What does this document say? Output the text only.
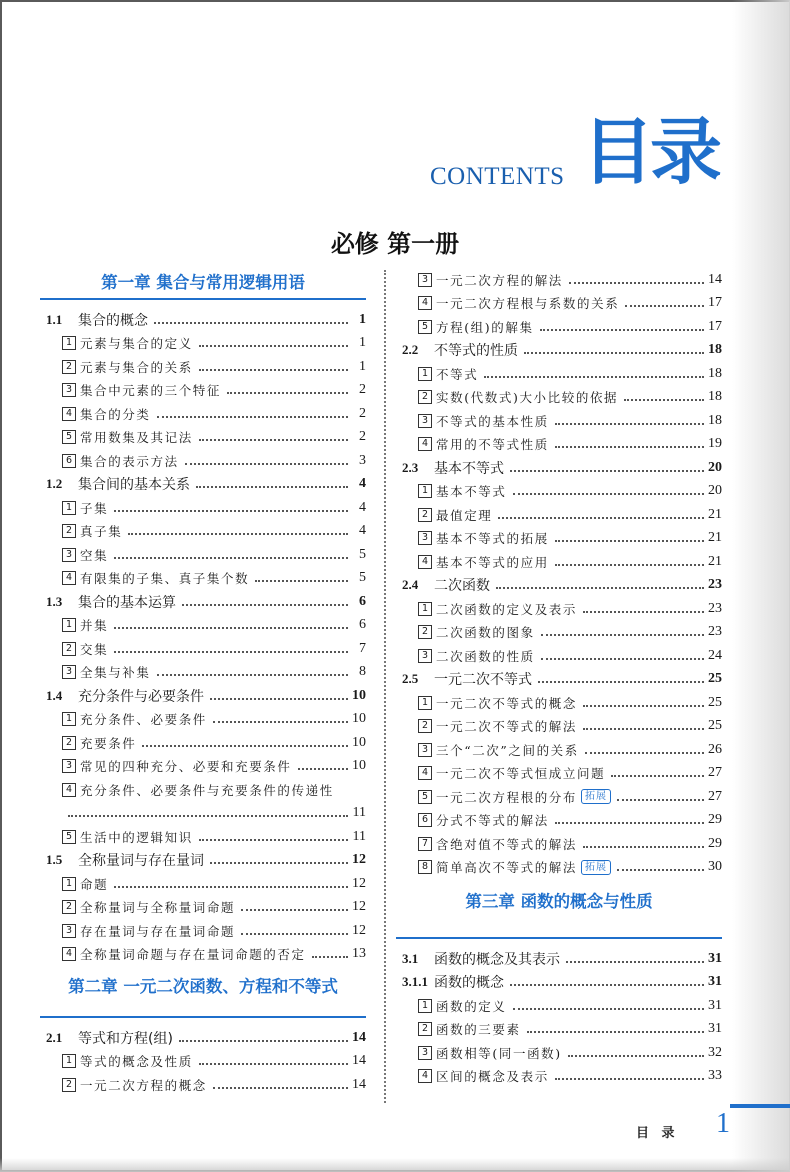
CONTENTS 目录
必修 第一册
第一章 集合与常用逻辑用语
1.1	集合的概念	1
1 元素与集合的定义	1
2 元素与集合的关系	1
3 集合中元素的三个特征	2
4 集合的分类	2
5 常用数集及其记法	2
6 集合的表示方法	3
1.2	集合间的基本关系	4
1 子集	4
2 真子集	4
3 空集	5
4 有限集的子集、真子集个数	5
1.3	集合的基本运算	6
1 并集	6
2 交集	7
3 全集与补集	8
1.4	充分条件与必要条件	10
1 充分条件、必要条件	10
2 充要条件	10
3 常见的四种充分、必要和充要条件	10
4 充分条件、必要条件与充要条件的传递性
11
5 生活中的逻辑知识	11
1.5	全称量词与存在量词	12
1 命题	12
2 全称量词与全称量词命题	12
3 存在量词与存在量词命题	12
4 全称量词命题与存在量词命题的否定	13
第二章 一元二次函数、方程和不等式
2.1	等式和方程(组)	14
1 等式的概念及性质	14
2 一元二次方程的概念	14
3 一元二次方程的解法	14
4 一元二次方程根与系数的关系	17
5 方程(组)的解集	17
2.2	不等式的性质	18
1 不等式	18
2 实数(代数式)大小比较的依据	18
3 不等式的基本性质	18
4 常用的不等式性质	19
2.3	基本不等式	20
1 基本不等式	20
2 最值定理	21
3 基本不等式的拓展	21
4 基本不等式的应用	21
2.4	二次函数	23
1 二次函数的定义及表示	23
2 二次函数的图象	23
3 二次函数的性质	24
2.5	一元二次不等式	25
1 一元二次不等式的概念	25
2 一元二次不等式的解法	25
3 三个“二次”之间的关系	26
4 一元二次不等式恒成立问题	27
5 一元二次方程根的分布 拓展	27
6 分式不等式的解法	29
7 含绝对值不等式的解法	29
8 简单高次不等式的解法 拓展	30
第三章 函数的概念与性质
3.1	函数的概念及其表示	31
3.1.1 函数的概念	31
1 函数的定义	31
2 函数的三要素	31
3 函数相等(同一函数)	32
4 区间的概念及表示	33
目 录 1
